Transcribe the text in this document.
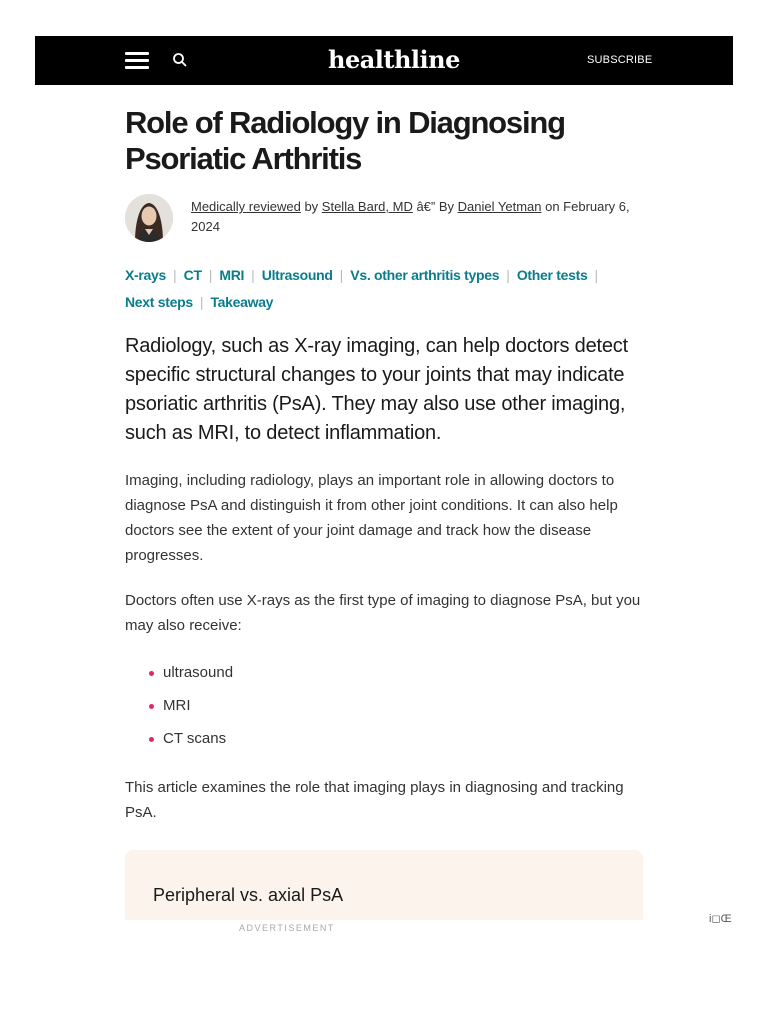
healthline	SUBSCRIBE
Role of Radiology in Diagnosing Psoriatic Arthritis
Medically reviewed by Stella Bard, MD â€” By Daniel Yetman on February 6, 2024
X-rays | CT | MRI | Ultrasound | Vs. other arthritis types | Other tests |
Next steps | Takeaway
Radiology, such as X-ray imaging, can help doctors detect specific structural changes to your joints that may indicate psoriatic arthritis (PsA). They may also use other imaging, such as MRI, to detect inflammation.
Imaging, including radiology, plays an important role in allowing doctors to diagnose PsA and distinguish it from other joint conditions. It can also help doctors see the extent of your joint damage and track how the disease progresses.
Doctors often use X-rays as the first type of imaging to diagnose PsA, but you may also receive:
ultrasound
MRI
CT scans
This article examines the role that imaging plays in diagnosing and tracking PsA.
Peripheral vs. axial PsA
ADVERTISEMENT
i◻Œ
